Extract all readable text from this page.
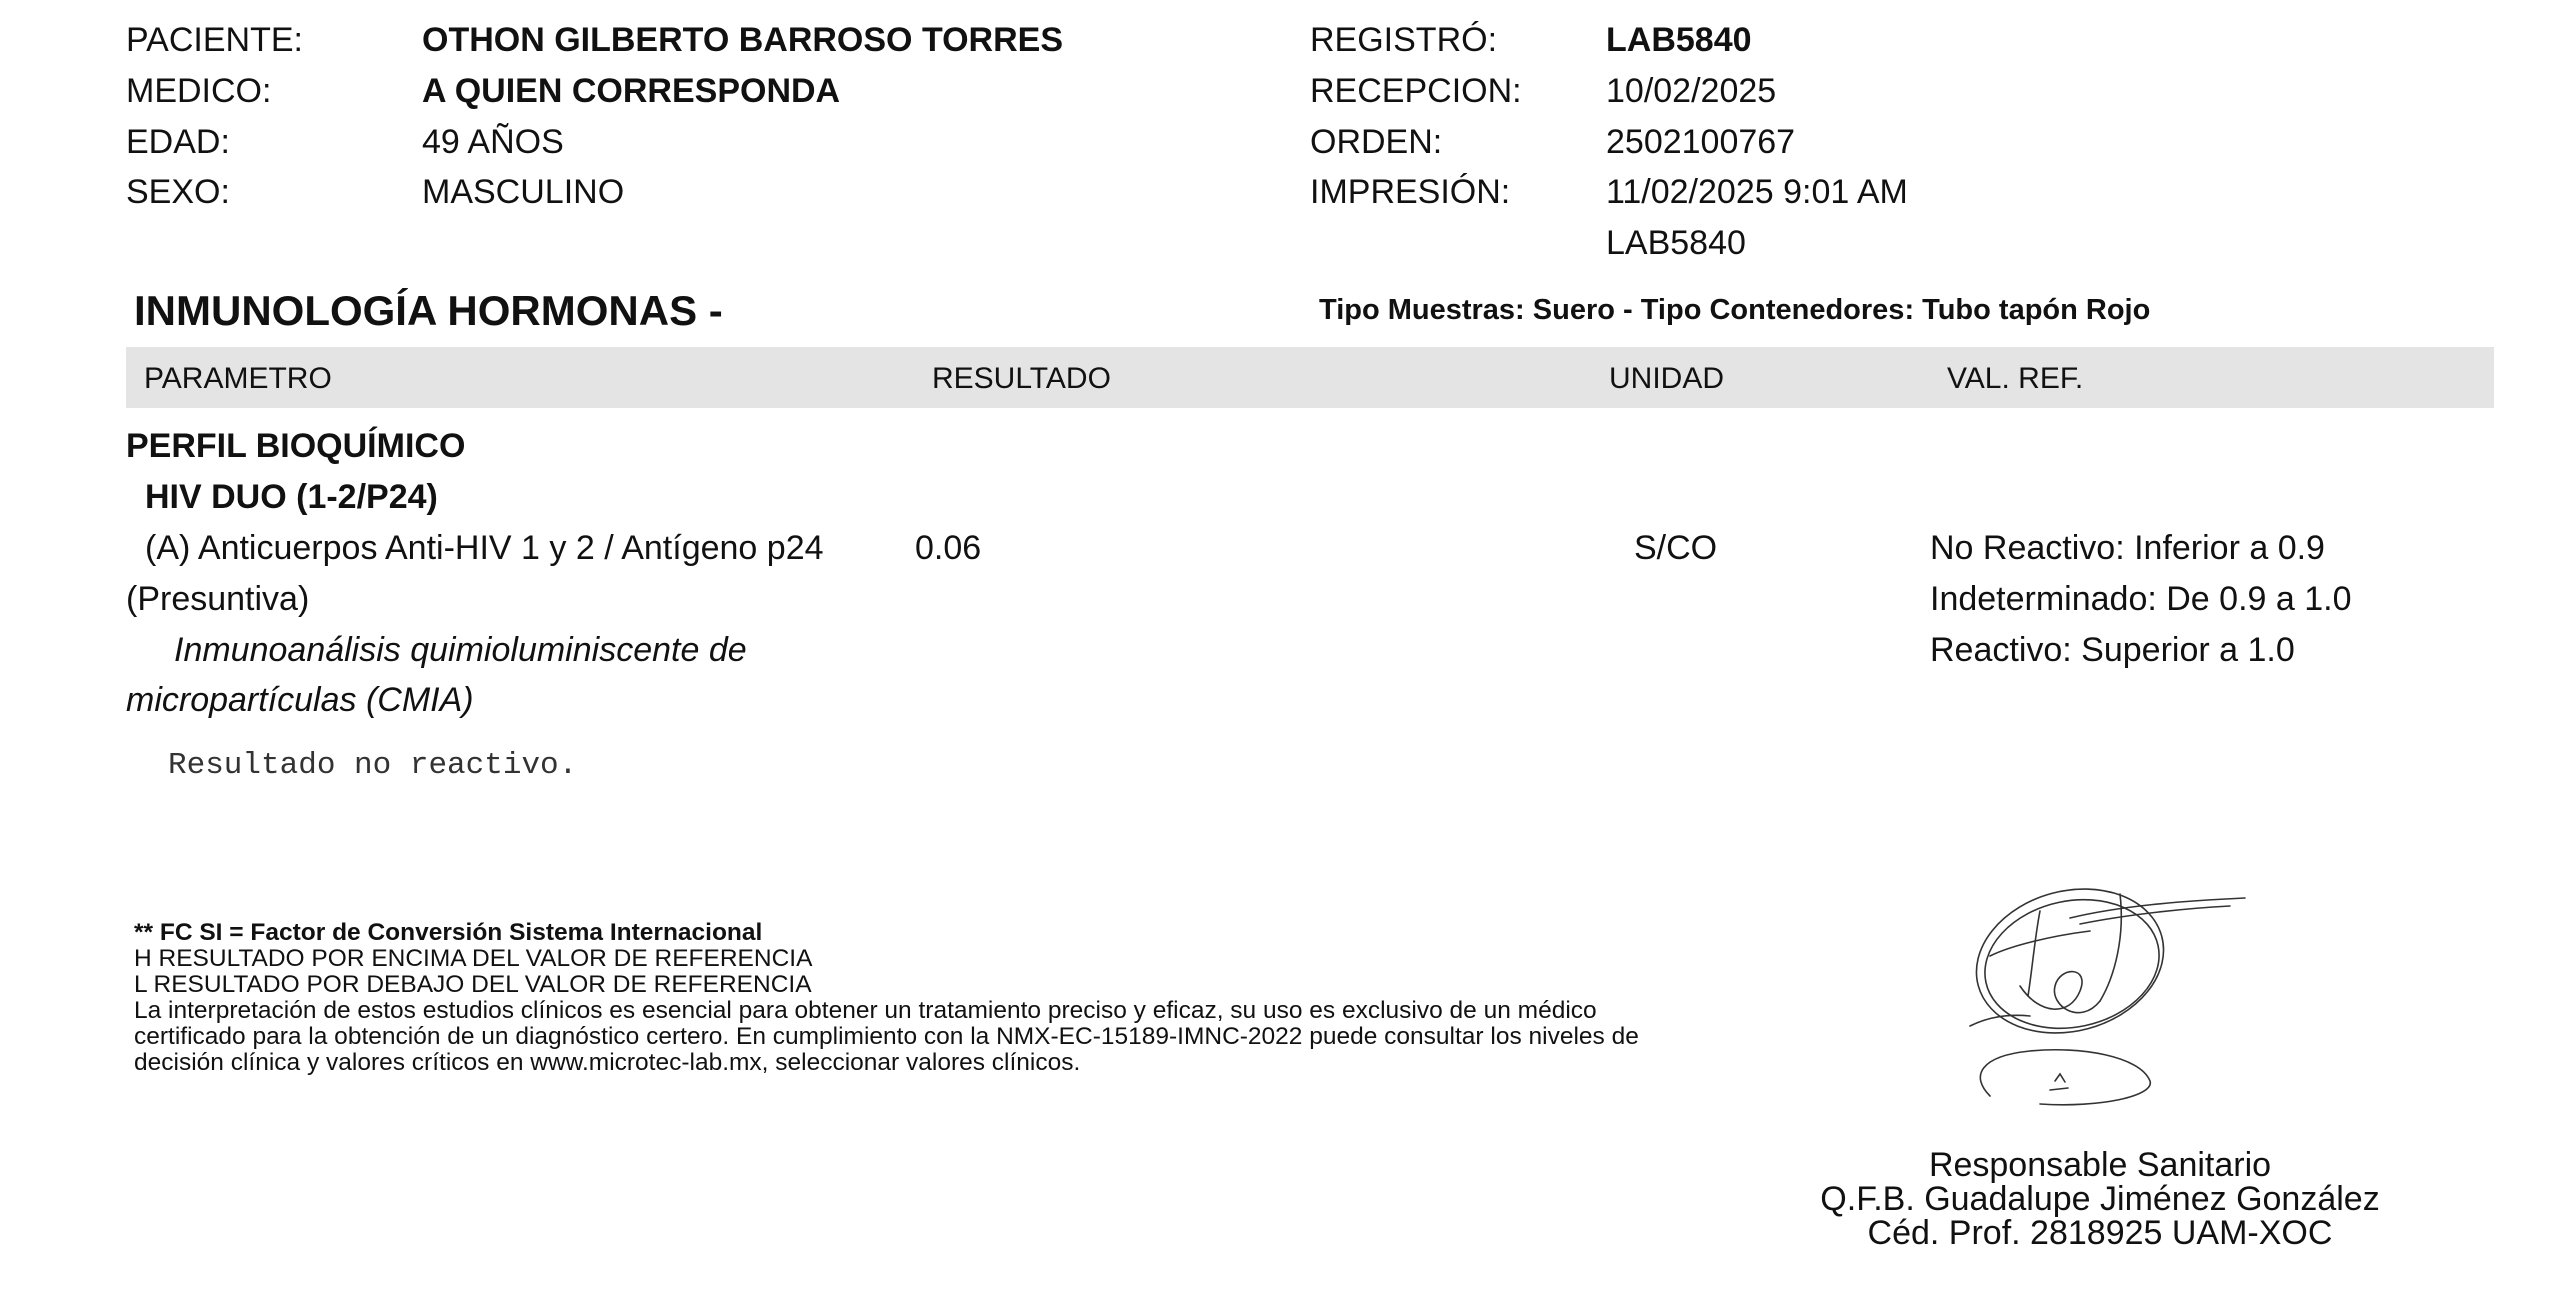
PACIENTE:	OTHON GILBERTO BARROSO TORRES
MEDICO:	A QUIEN CORRESPONDA
EDAD:	49 AÑOS
SEXO:	MASCULINO
REGISTRÓ:	LAB5840
RECEPCION: 10/02/2025
ORDEN:	2502100767
IMPRESIÓN:	11/02/2025 9:01 AM
LAB5840
INMUNOLOGÍA HORMONAS -	Tipo Muestras: Suero - Tipo Contenedores: Tubo tapón Rojo
PARAMETRO	RESULTADO	UNIDAD	VAL. REF.
PERFIL BIOQUÍMICO
HIV DUO (1-2/P24)
(A) Anticuerpos Anti-HIV 1 y 2 / Antígeno p24
(Presuntiva)
Inmunoanálisis quimioluminiscente de
micropartículas (CMIA)
0.06	S/CO	No Reactivo: Inferior a 0.9
Indeterminado: De 0.9 a 1.0
Reactivo: Superior a 1.0
Resultado no reactivo.
** FC SI = Factor de Conversión Sistema Internacional
H RESULTADO POR ENCIMA DEL VALOR DE REFERENCIA
L RESULTADO POR DEBAJO DEL VALOR DE REFERENCIA
La interpretación de estos estudios clínicos es esencial para obtener un tratamiento preciso y eficaz, su uso es exclusivo de un médico
certificado para la obtención de un diagnóstico certero. En cumplimiento con la NMX-EC-15189-IMNC-2022 puede consultar los niveles de
decisión clínica y valores críticos en www.microtec-lab.mx, seleccionar valores clínicos.
Responsable Sanitario
Q.F.B. Guadalupe Jiménez González
Céd. Prof. 2818925 UAM-XOC
